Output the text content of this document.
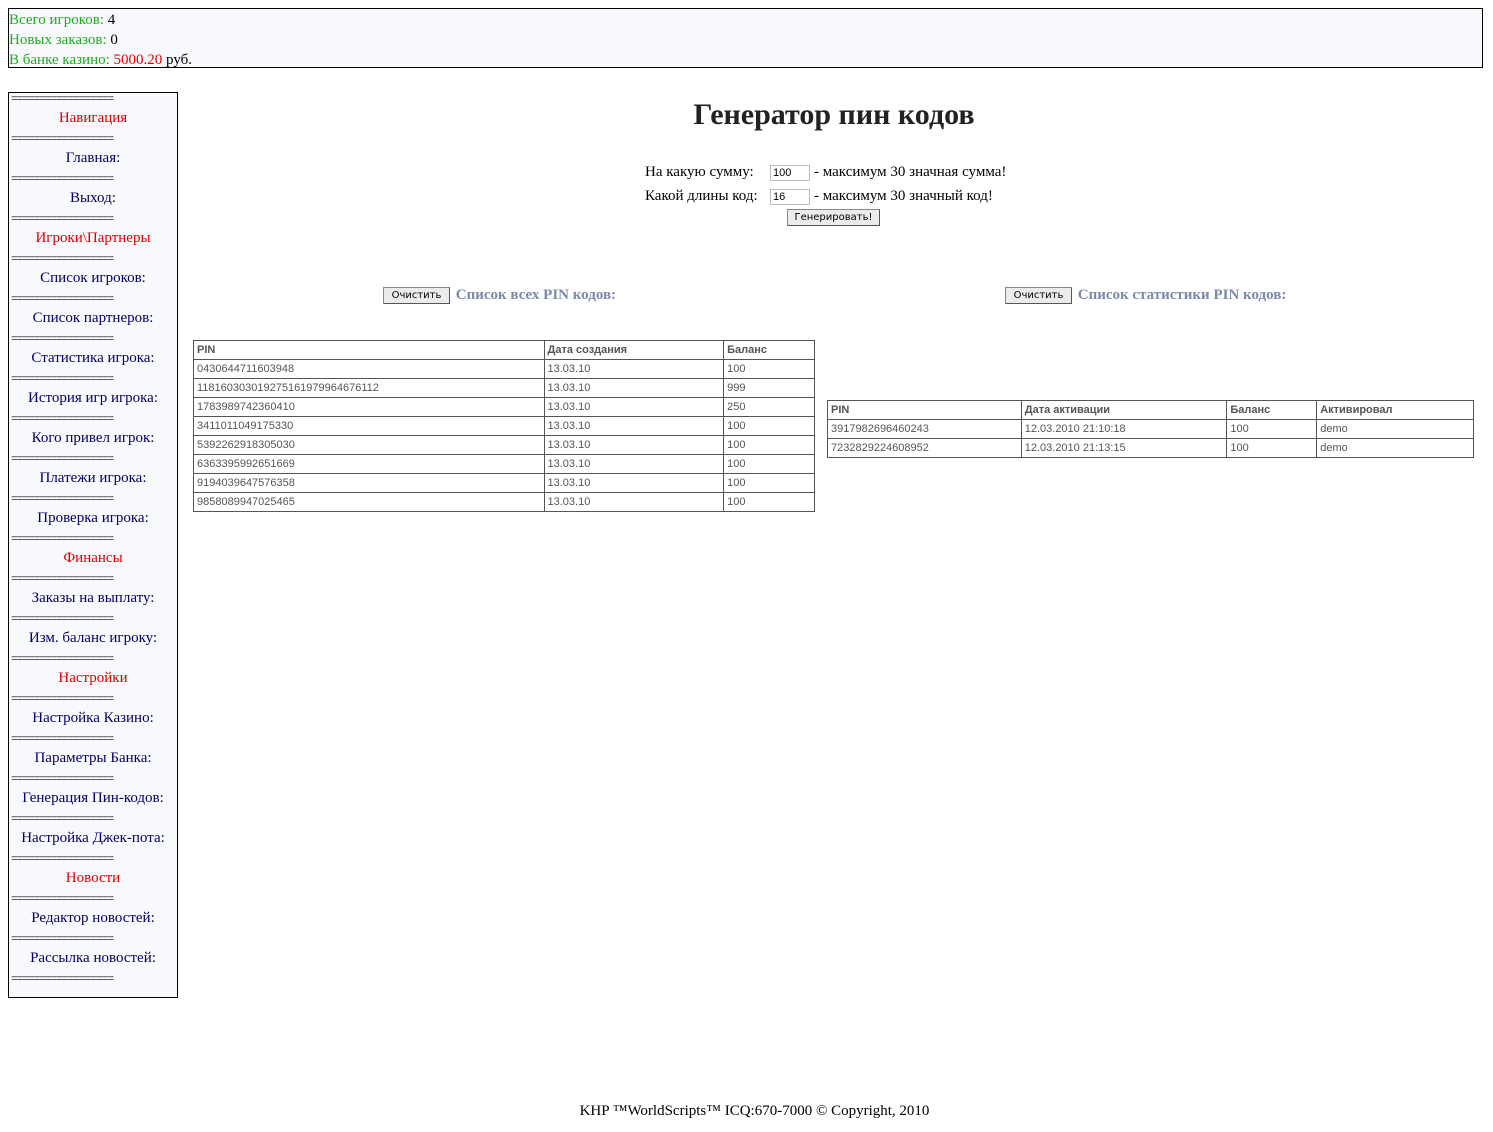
Всего игроков: 4
Новых заказов: 0
В банке казино: 5000.20 руб.
==================
Навигация
==================
Главная:
==================
Выход:
==================
Игроки\Партнеры
==================
Список игроков:
==================
Список партнеров:
==================
Статистика игрока:
==================
История игр игрока:
==================
Кого привел игрок:
==================
Платежи игрока:
==================
Проверка игрока:
==================
Финансы
==================
Заказы на выплату:
==================
Изм. баланс игроку:
==================
Настройки
==================
Настройка Казино:
==================
Параметры Банка:
==================
Генерация Пин-кодов:
==================
Настройка Джек-пота:
==================
Новости
==================
Редактор новостей:
==================
Рассылка новостей:
==================
Генератор пин кодов
На какую сумму:100	- максимум 30 значная сумма!
Какой длины код:16	- максимум 30 значный код!
Генерировать!
Очистить Список всех PIN кодов:	Очистить Список статистики PIN кодов:
PIN	Дата создания	Баланс
0430644711603948	13.03.10	100
118160303019275161979964676112	13.03.10	999
1783989742360410	13.03.10	250
3411011049175330	13.03.10	100
5392262918305030	13.03.10	100
6363395992651669	13.03.10	100
9194039647576358	13.03.10	100
9858089947025465	13.03.10	100
PIN	Дата активации	Баланс	Активировал
3917982696460243	12.03.2010 21:10:18	100	demo
7232829224608952	12.03.2010 21:13:15	100	demo
KHP ™WorldScripts™ ICQ:670-7000 © Copyright, 2010
